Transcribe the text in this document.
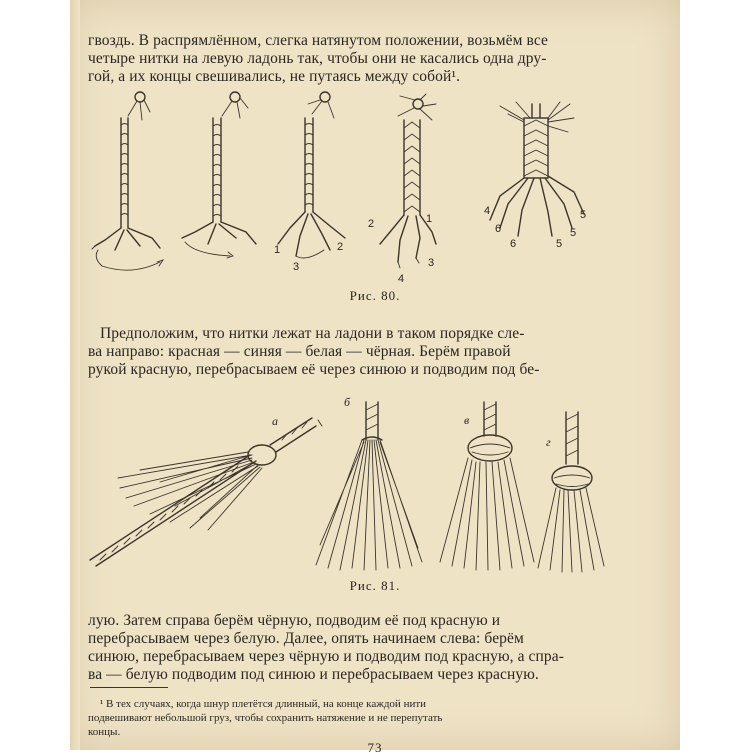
гвоздь. В распрямлённом, слегка натянутом положении, возьмём все
четыре нитки на левую ладонь так, чтобы они не касались одна дру-
гой, а их концы свешивались, не путаясь между собой¹.
1	2
3
2	1
3
4
4	5
6	5
6	5
Рис. 80.
Предположим, что нитки лежат на ладони в таком порядке сле-
ва направо: красная — синяя — белая — чёрная. Берём правой
рукой красную, перебрасываем её через синюю и подводим под бе-
а
б
в
г
Рис. 81.
лую. Затем справа берём чёрную, подводим её под красную и
перебрасываем через белую. Далее, опять начинаем слева: берём
синюю, перебрасываем через чёрную и подводим под красную, а спра-
ва — белую подводим под синюю и перебрасываем через красную.
¹ В тех случаях, когда шнур плетётся длинный, на конце каждой нити
подвешивают небольшой груз, чтобы сохранить натяжение и не перепутать
концы.
73
